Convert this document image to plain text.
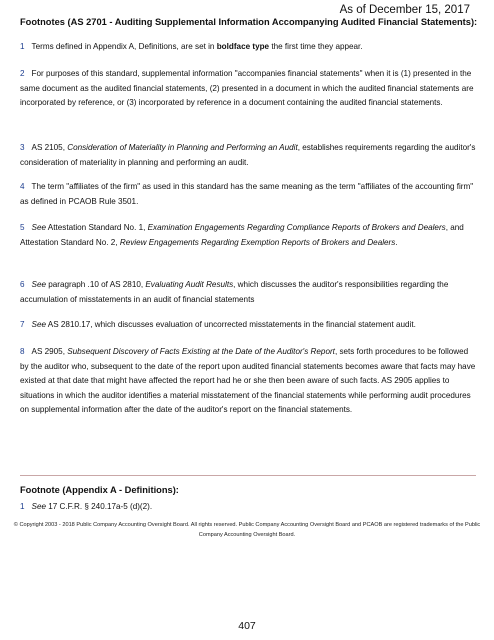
As of December 15, 2017
Footnotes (AS 2701 - Auditing Supplemental Information Accompanying Audited Financial Statements):
1 Terms defined in Appendix A, Definitions, are set in boldface type the first time they appear.
2 For purposes of this standard, supplemental information "accompanies financial statements" when it is (1) presented in the same document as the audited financial statements, (2) presented in a document in which the audited financial statements are incorporated by reference, or (3) incorporated by reference in a document containing the audited financial statements.
3 AS 2105, Consideration of Materiality in Planning and Performing an Audit, establishes requirements regarding the auditor's consideration of materiality in planning and performing an audit.
4 The term "affiliates of the firm" as used in this standard has the same meaning as the term "affiliates of the accounting firm" as defined in PCAOB Rule 3501.
5 See Attestation Standard No. 1, Examination Engagements Regarding Compliance Reports of Brokers and Dealers, and Attestation Standard No. 2, Review Engagements Regarding Exemption Reports of Brokers and Dealers.
6 See paragraph .10 of AS 2810, Evaluating Audit Results, which discusses the auditor's responsibilities regarding the accumulation of misstatements in an audit of financial statements
7 See AS 2810.17, which discusses evaluation of uncorrected misstatements in the financial statement audit.
8 AS 2905, Subsequent Discovery of Facts Existing at the Date of the Auditor's Report, sets forth procedures to be followed by the auditor who, subsequent to the date of the report upon audited financial statements becomes aware that facts may have existed at that date that might have affected the report had he or she then been aware of such facts. AS 2905 applies to situations in which the auditor identifies a material misstatement of the financial statements while performing audit procedures on supplemental information after the date of the auditor's report on the financial statements.
Footnote (Appendix A - Definitions):
1 See 17 C.F.R. § 240.17a-5 (d)(2).
© Copyright 2003 - 2018 Public Company Accounting Oversight Board. All rights reserved. Public Company Accounting Oversight Board and PCAOB are registered trademarks of the Public Company Accounting Oversight Board.
407
